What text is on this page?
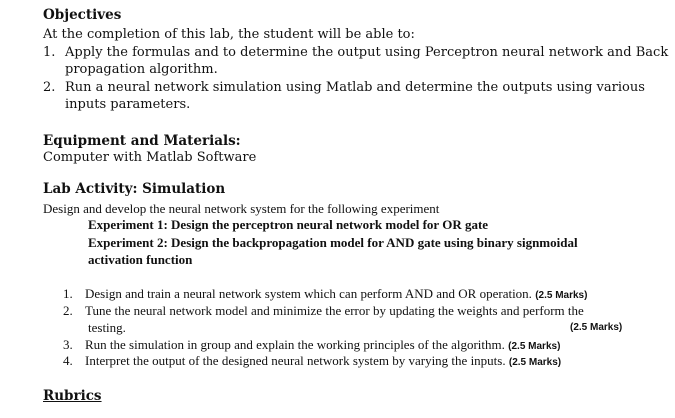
Objectives
At the completion of this lab, the student will be able to:
1. Apply the formulas and to determine the output using Perceptron neural network and Back
propagation algorithm.
2. Run a neural network simulation using Matlab and determine the outputs using various
inputs parameters.
Equipment and Materials:
Computer with Matlab Software
Lab Activity: Simulation
Design and develop the neural network system for the following experiment
Experiment 1: Design the perceptron neural network model for OR gate
Experiment 2: Design the backpropagation model for AND gate using binary signmoidal
activation function
1. Design and train a neural network system which can perform AND and OR operation. (2.5 Marks)
2. Tune the neural network model and minimize the error by updating the weights and perform the
testing.	(2.5 Marks)
3. Run the simulation in group and explain the working principles of the algorithm. (2.5 Marks)
4. Interpret the output of the designed neural network system by varying the inputs. (2.5 Marks)
Rubrics
